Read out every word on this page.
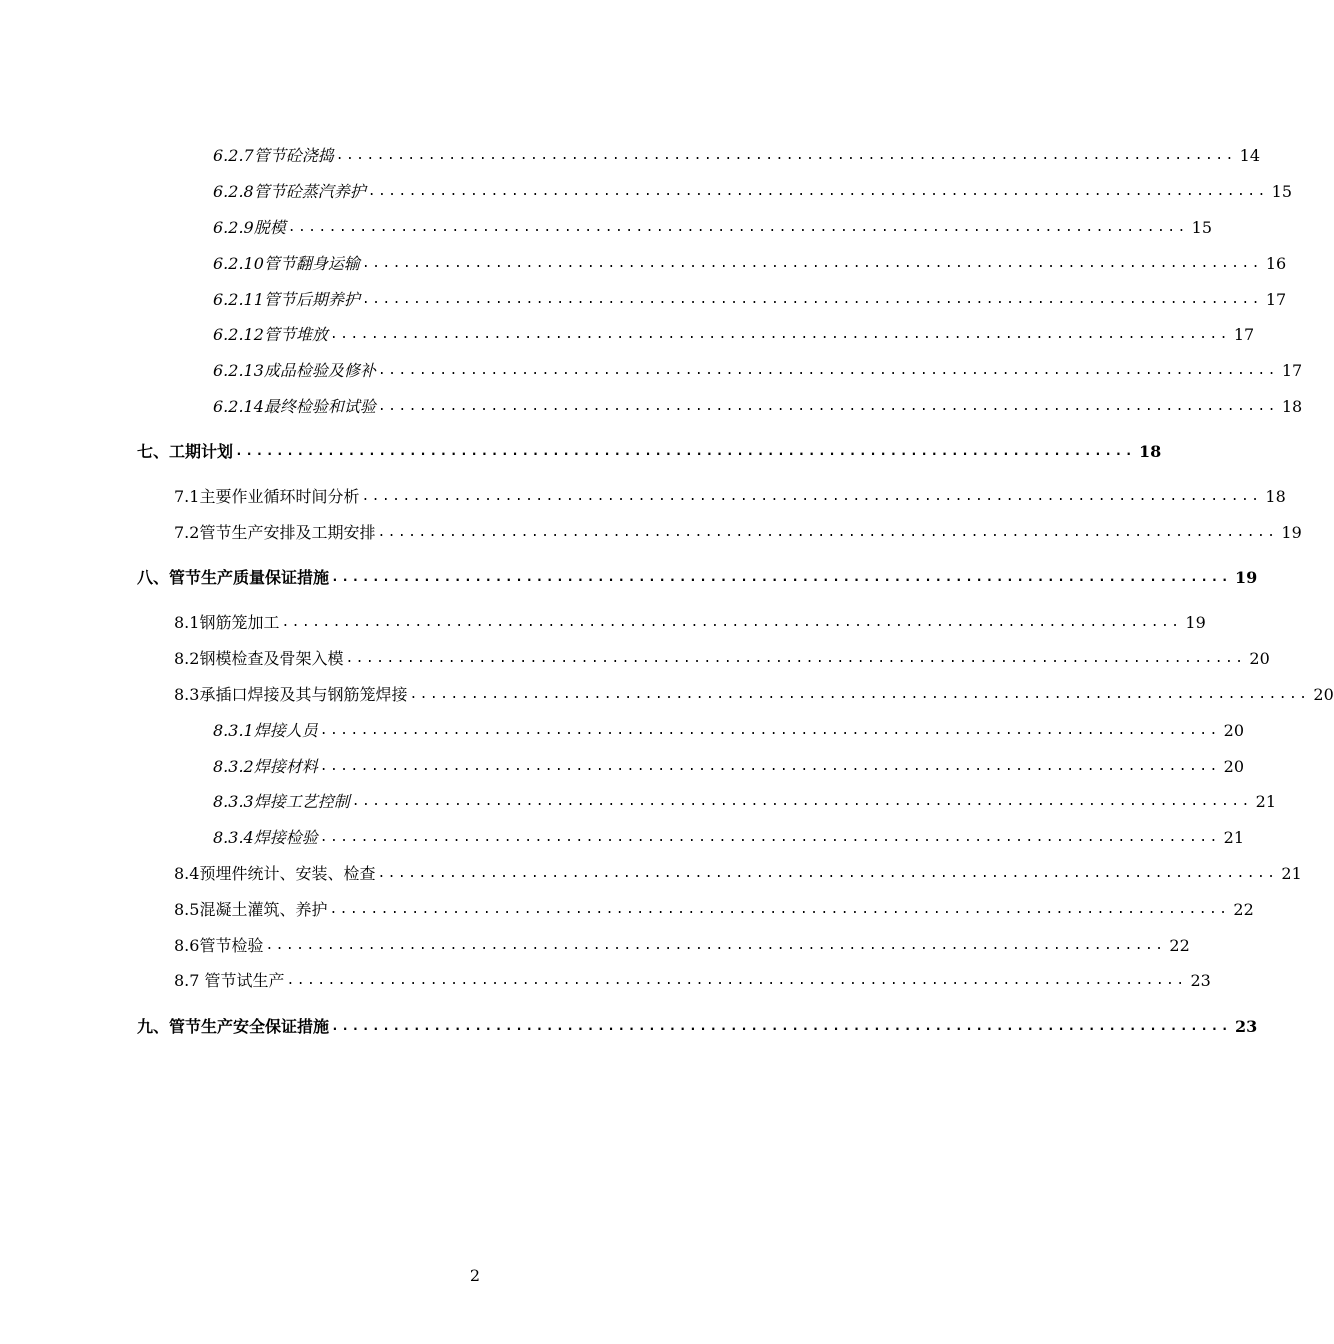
6.2.7管节砼浇捣 ........................................................................................ 14
6.2.8管节砼蒸汽养护 ........................................................................................ 15
6.2.9脱模 ........................................................................................ 15
6.2.10管节翻身运输 ........................................................................................ 16
6.2.11管节后期养护 ........................................................................................ 17
6.2.12管节堆放 ........................................................................................ 17
6.2.13成品检验及修补 ........................................................................................ 17
6.2.14最终检验和试验 ........................................................................................ 18
七、工期计划 ........................................................................................ 18
7.1主要作业循环时间分析 ........................................................................................ 18
7.2管节生产安排及工期安排 ........................................................................................ 19
八、管节生产质量保证措施 ........................................................................................ 19
8.1钢筋笼加工 ........................................................................................ 19
8.2钢模检查及骨架入模 ........................................................................................ 20
8.3承插口焊接及其与钢筋笼焊接 ........................................................................................ 20
8.3.1焊接人员 ........................................................................................ 20
8.3.2焊接材料 ........................................................................................ 20
8.3.3焊接工艺控制 ........................................................................................ 21
8.3.4焊接检验 ........................................................................................ 21
8.4预埋件统计、安装、检查 ........................................................................................ 21
8.5混凝土灌筑、养护 ........................................................................................ 22
8.6管节检验 ........................................................................................ 22
8.7 管节试生产 ........................................................................................ 23
九、管节生产安全保证措施 ........................................................................................ 23
2
